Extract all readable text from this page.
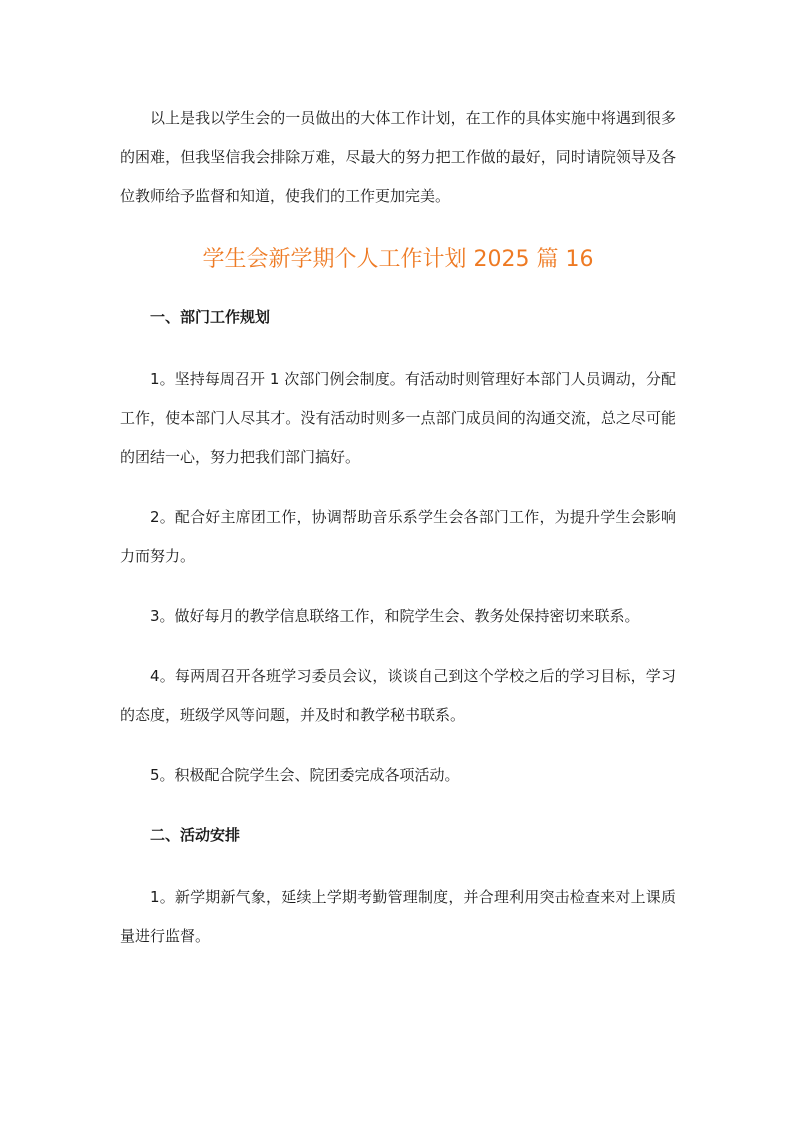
以上是我以学生会的一员做出的大体工作计划，在工作的具体实施中将遇到很多的困难，但我坚信我会排除万难，尽最大的努力把工作做的最好，同时请院领导及各位教师给予监督和知道，使我们的工作更加完美。

学生会新学期个人工作计划 2025 篇 16

一、部门工作规划

1。坚持每周召开 1 次部门例会制度。有活动时则管理好本部门人员调动，分配工作，使本部门人尽其才。没有活动时则多一点部门成员间的沟通交流，总之尽可能的团结一心，努力把我们部门搞好。

2。配合好主席团工作，协调帮助音乐系学生会各部门工作，为提升学生会影响力而努力。

3。做好每月的教学信息联络工作，和院学生会、教务处保持密切来联系。

4。每两周召开各班学习委员会议，谈谈自己到这个学校之后的学习目标，学习的态度，班级学风等问题，并及时和教学秘书联系。

5。积极配合院学生会、院团委完成各项活动。

二、活动安排

1。新学期新气象，延续上学期考勤管理制度，并合理利用突击检查来对上课质量进行监督。
